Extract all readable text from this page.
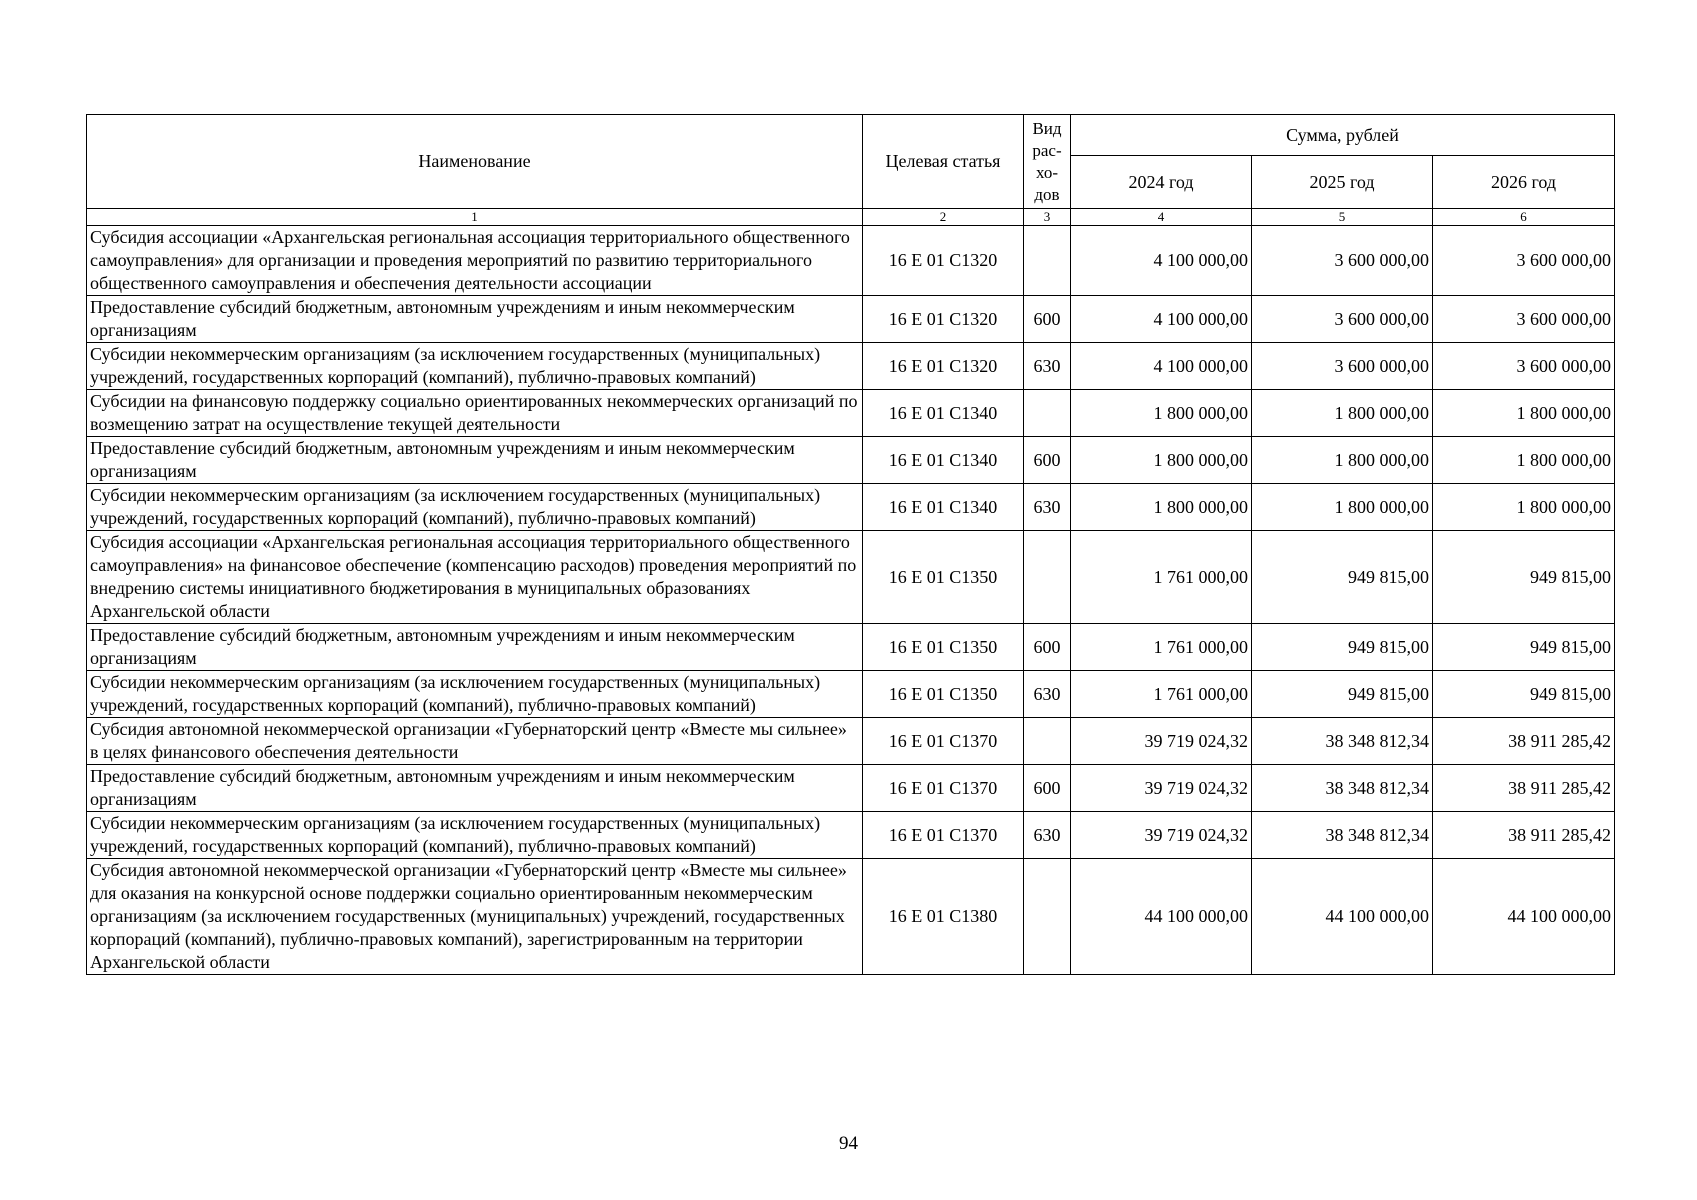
Наименование	Целевая статья	Вид рас- хо- дов	Сумма, рублей		
			2024 год	2025 год	2026 год
1	2	3	4	5	6
Субсидия ассоциации «Архангельская региональная ассоциация территориального общественного самоуправления» для организации и проведения мероприятий по развитию территориального общественного самоуправления и обеспечения деятельности ассоциации	16 Е 01 С1320		4 100 000,00	3 600 000,00	3 600 000,00
Предоставление субсидий бюджетным, автономным учреждениям и иным некоммерческим организациям	16 Е 01 С1320	600	4 100 000,00	3 600 000,00	3 600 000,00
Субсидии некоммерческим организациям (за исключением государственных (муниципальных) учреждений, государственных корпораций (компаний), публично-правовых компаний)	16 Е 01 С1320	630	4 100 000,00	3 600 000,00	3 600 000,00
Субсидии на финансовую поддержку социально ориентированных некоммерческих организаций по возмещению затрат на осуществление текущей деятельности	16 Е 01 С1340		1 800 000,00	1 800 000,00	1 800 000,00
Предоставление субсидий бюджетным, автономным учреждениям и иным некоммерческим организациям	16 Е 01 С1340	600	1 800 000,00	1 800 000,00	1 800 000,00
Субсидии некоммерческим организациям (за исключением государственных (муниципальных) учреждений, государственных корпораций (компаний), публично-правовых компаний)	16 Е 01 С1340	630	1 800 000,00	1 800 000,00	1 800 000,00
Субсидия ассоциации «Архангельская региональная ассоциация территориального общественного самоуправления» на финансовое обеспечение (компенсацию расходов) проведения мероприятий по внедрению системы инициативного бюджетирования в муниципальных образованиях Архангельской области	16 Е 01 С1350		1 761 000,00	949 815,00	949 815,00
Предоставление субсидий бюджетным, автономным учреждениям и иным некоммерческим организациям	16 Е 01 С1350	600	1 761 000,00	949 815,00	949 815,00
Субсидии некоммерческим организациям (за исключением государственных (муниципальных) учреждений, государственных корпораций (компаний), публично-правовых компаний)	16 Е 01 С1350	630	1 761 000,00	949 815,00	949 815,00
Субсидия автономной некоммерческой организации «Губернаторский центр «Вместе мы сильнее» в целях финансового обеспечения деятельности	16 Е 01 С1370		39 719 024,32	38 348 812,34	38 911 285,42
Предоставление субсидий бюджетным, автономным учреждениям и иным некоммерческим организациям	16 Е 01 С1370	600	39 719 024,32	38 348 812,34	38 911 285,42
Субсидии некоммерческим организациям (за исключением государственных (муниципальных) учреждений, государственных корпораций (компаний), публично-правовых компаний)	16 Е 01 С1370	630	39 719 024,32	38 348 812,34	38 911 285,42
Субсидия автономной некоммерческой организации «Губернаторский центр «Вместе мы сильнее» для оказания на конкурсной основе поддержки социально ориентированным некоммерческим организациям (за исключением государственных (муниципальных) учреждений, государственных корпораций (компаний), публично-правовых компаний), зарегистрированным на территории Архангельской области	16 Е 01 С1380		44 100 000,00	44 100 000,00	44 100 000,00
94
